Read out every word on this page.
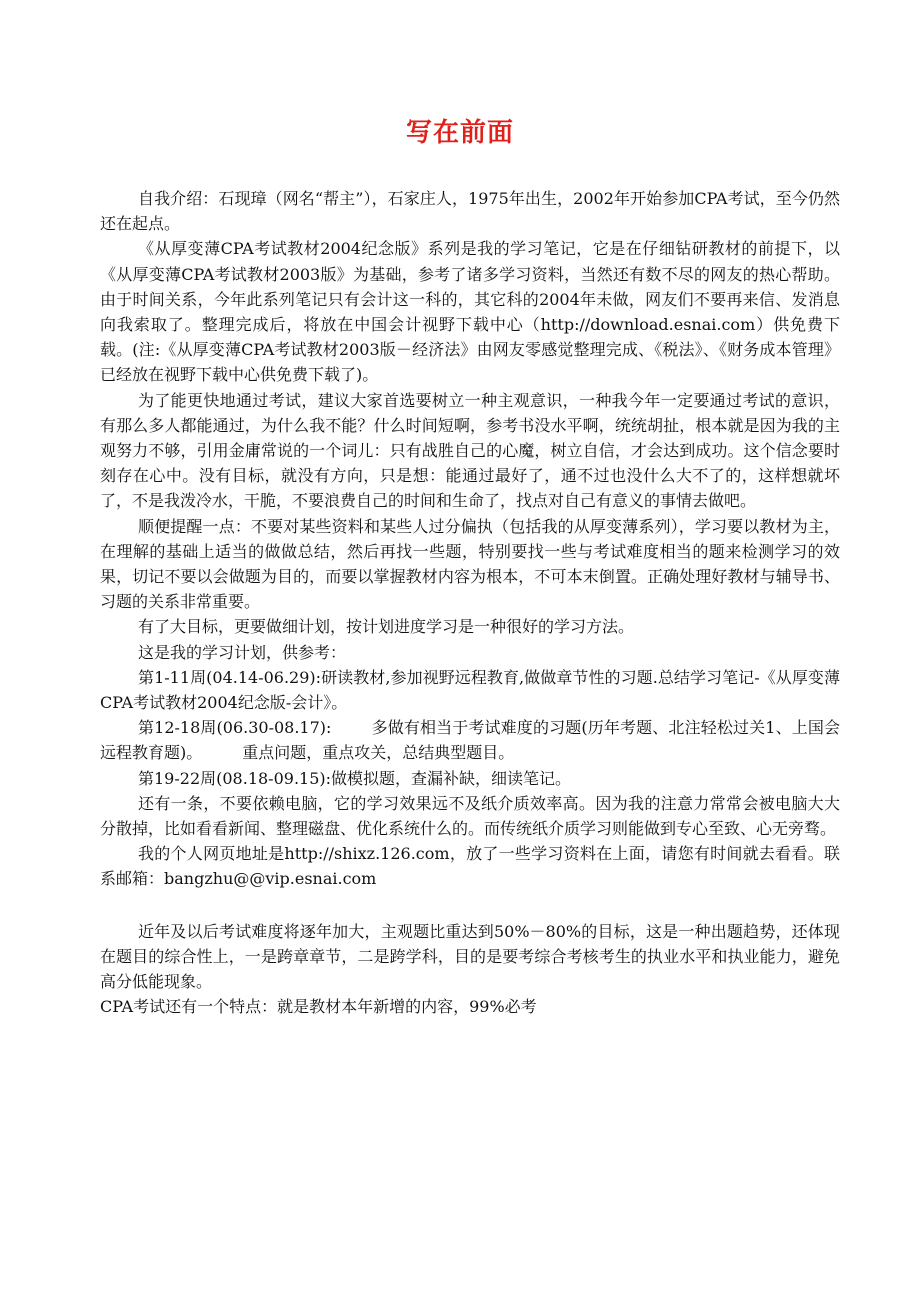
写在前面

自我介绍：石现璋（网名“帮主”），石家庄人，1975年出生，2002年开始参加CPA考试，至今仍然还在起点。

《从厚变薄CPA考试教材2004纪念版》系列是我的学习笔记，它是在仔细钻研教材的前提下，以《从厚变薄CPA考试教材2003版》为基础，参考了诸多学习资料，当然还有数不尽的网友的热心帮助。由于时间关系，今年此系列笔记只有会计这一科的，其它科的2004年未做，网友们不要再来信、发消息向我索取了。整理完成后，将放在中国会计视野下载中心（http://download.esnai.com）供免费下载。(注:《从厚变薄CPA考试教材2003版－经济法》由网友零感觉整理完成、《税法》、《财务成本管理》已经放在视野下载中心供免费下载了)。

为了能更快地通过考试，建议大家首选要树立一种主观意识，一种我今年一定要通过考试的意识，有那么多人都能通过，为什么我不能？什么时间短啊，参考书没水平啊，统统胡扯，根本就是因为我的主观努力不够，引用金庸常说的一个词儿：只有战胜自己的心魔，树立自信，才会达到成功。这个信念要时刻存在心中。没有目标，就没有方向，只是想：能通过最好了，通不过也没什么大不了的，这样想就坏了，不是我泼冷水，干脆，不要浪费自己的时间和生命了，找点对自己有意义的事情去做吧。

顺便提醒一点：不要对某些资料和某些人过分偏执（包括我的从厚变薄系列），学习要以教材为主，在理解的基础上适当的做做总结，然后再找一些题，特别要找一些与考试难度相当的题来检测学习的效果，切记不要以会做题为目的，而要以掌握教材内容为根本，不可本末倒置。正确处理好教材与辅导书、习题的关系非常重要。

有了大目标，更要做细计划，按计划进度学习是一种很好的学习方法。

这是我的学习计划，供参考：

第1-11周(04.14-06.29):研读教材,参加视野远程教育,做做章节性的习题.总结学习笔记-《从厚变薄CPA考试教材2004纪念版-会计》。

第12-18周(06.30-08.17):	多做有相当于考试难度的习题(历年考题、北注轻松过关1、上国会远程教育题)。	重点问题，重点攻关，总结典型题目。

第19-22周(08.18-09.15):做模拟题，查漏补缺，细读笔记。

还有一条，不要依赖电脑，它的学习效果远不及纸介质效率高。因为我的注意力常常会被电脑大大分散掉，比如看看新闻、整理磁盘、优化系统什么的。而传统纸介质学习则能做到专心至致、心无旁骛。

我的个人网页地址是http://shixz.126.com，放了一些学习资料在上面，请您有时间就去看看。联系邮箱：bangzhu@@vip.esnai.com

近年及以后考试难度将逐年加大，主观题比重达到50%－80%的目标，这是一种出题趋势，还体现在题目的综合性上，一是跨章章节，二是跨学科，目的是要考综合考核考生的执业水平和执业能力，避免高分低能现象。

CPA考试还有一个特点：就是教材本年新增的内容，99%必考
